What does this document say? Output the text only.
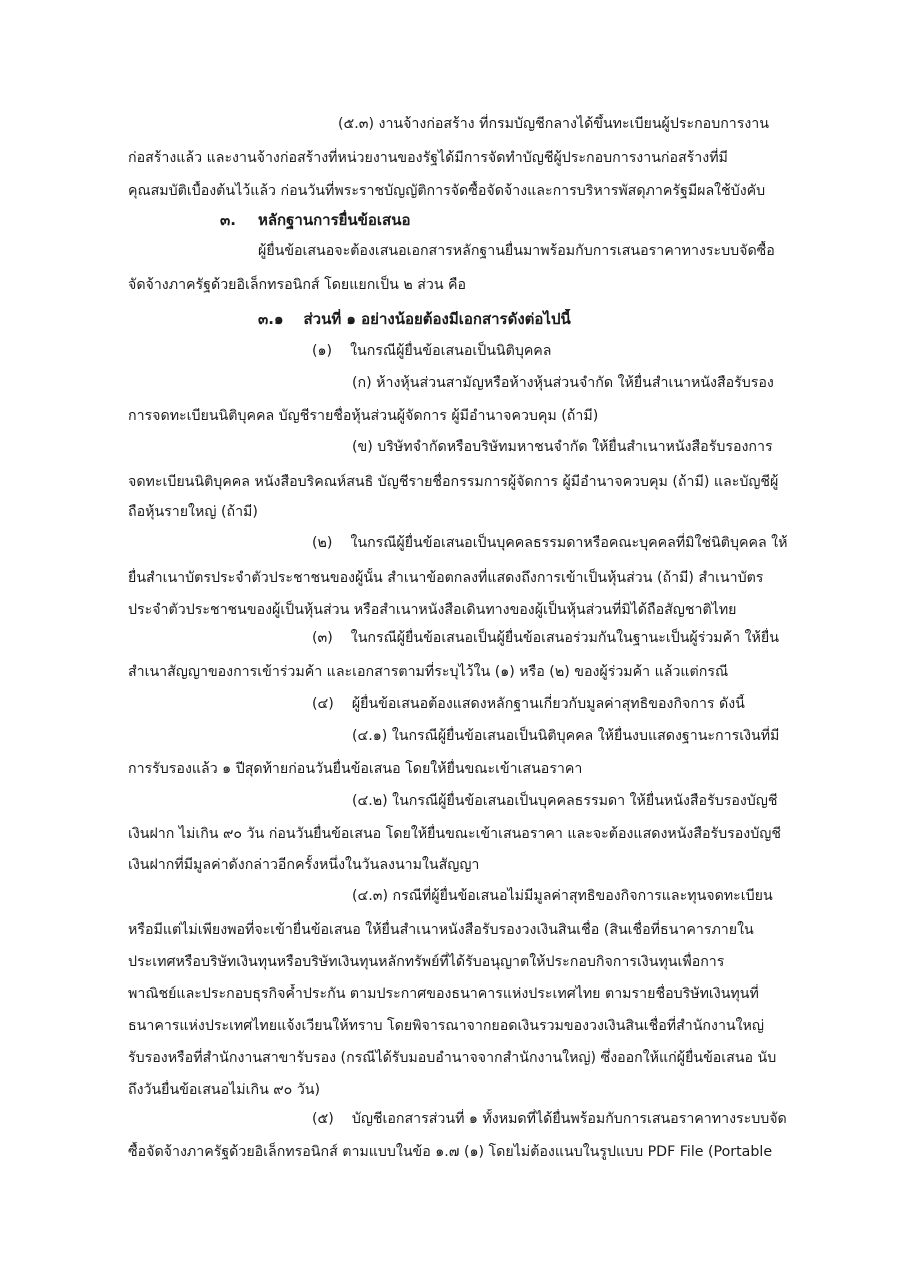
(๕.๓) งานจ้างก่อสร้าง ที่กรมบัญชีกลางได้ขึ้นทะเบียนผู้ประกอบการงาน
ก่อสร้างแล้ว และงานจ้างก่อสร้างที่หน่วยงานของรัฐได้มีการจัดทำบัญชีผู้ประกอบการงานก่อสร้างที่มี
คุณสมบัติเบื้องต้นไว้แล้ว ก่อนวันที่พระราชบัญญัติการจัดซื้อจัดจ้างและการบริหารพัสดุภาครัฐมีผลใช้บังคับ
๓. หลักฐานการยื่นข้อเสนอ
ผู้ยื่นข้อเสนอจะต้องเสนอเอกสารหลักฐานยื่นมาพร้อมกับการเสนอราคาทางระบบจัดซื้อ
จัดจ้างภาครัฐด้วยอิเล็กทรอนิกส์ โดยแยกเป็น ๒ ส่วน คือ
๓.๑ ส่วนที่ ๑ อย่างน้อยต้องมีเอกสารดังต่อไปนี้
(๑) ในกรณีผู้ยื่นข้อเสนอเป็นนิติบุคคล
(ก) ห้างหุ้นส่วนสามัญหรือห้างหุ้นส่วนจำกัด ให้ยื่นสำเนาหนังสือรับรอง
การจดทะเบียนนิติบุคคล บัญชีรายชื่อหุ้นส่วนผู้จัดการ ผู้มีอำนาจควบคุม (ถ้ามี)
(ข) บริษัทจำกัดหรือบริษัทมหาชนจำกัด ให้ยื่นสำเนาหนังสือรับรองการ
จดทะเบียนนิติบุคคล หนังสือบริคณห์สนธิ บัญชีรายชื่อกรรมการผู้จัดการ ผู้มีอำนาจควบคุม (ถ้ามี) และบัญชีผู้
ถือหุ้นรายใหญ่ (ถ้ามี)
(๒) ในกรณีผู้ยื่นข้อเสนอเป็นบุคคลธรรมดาหรือคณะบุคคลที่มิใช่นิติบุคคล ให้
ยื่นสำเนาบัตรประจำตัวประชาชนของผู้นั้น สำเนาข้อตกลงที่แสดงถึงการเข้าเป็นหุ้นส่วน (ถ้ามี) สำเนาบัตร
ประจำตัวประชาชนของผู้เป็นหุ้นส่วน หรือสำเนาหนังสือเดินทางของผู้เป็นหุ้นส่วนที่มิได้ถือสัญชาติไทย
(๓) ในกรณีผู้ยื่นข้อเสนอเป็นผู้ยื่นข้อเสนอร่วมกันในฐานะเป็นผู้ร่วมค้า ให้ยื่น
สำเนาสัญญาของการเข้าร่วมค้า และเอกสารตามที่ระบุไว้ใน (๑) หรือ (๒) ของผู้ร่วมค้า แล้วแต่กรณี
(๔) ผู้ยื่นข้อเสนอต้องแสดงหลักฐานเกี่ยวกับมูลค่าสุทธิของกิจการ ดังนี้
(๔.๑) ในกรณีผู้ยื่นข้อเสนอเป็นนิติบุคคล ให้ยื่นงบแสดงฐานะการเงินที่มี
การรับรองแล้ว ๑ ปีสุดท้ายก่อนวันยื่นข้อเสนอ โดยให้ยื่นขณะเข้าเสนอราคา
(๔.๒) ในกรณีผู้ยื่นข้อเสนอเป็นบุคคลธรรมดา ให้ยื่นหนังสือรับรองบัญชี
เงินฝาก ไม่เกิน ๙๐ วัน ก่อนวันยื่นข้อเสนอ โดยให้ยื่นขณะเข้าเสนอราคา และจะต้องแสดงหนังสือรับรองบัญชี
เงินฝากที่มีมูลค่าดังกล่าวอีกครั้งหนึ่งในวันลงนามในสัญญา
(๔.๓) กรณีที่ผู้ยื่นข้อเสนอไม่มีมูลค่าสุทธิของกิจการและทุนจดทะเบียน
หรือมีแต่ไม่เพียงพอที่จะเข้ายื่นข้อเสนอ ให้ยื่นสำเนาหนังสือรับรองวงเงินสินเชื่อ (สินเชื่อที่ธนาคารภายใน
ประเทศหรือบริษัทเงินทุนหรือบริษัทเงินทุนหลักทรัพย์ที่ได้รับอนุญาตให้ประกอบกิจการเงินทุนเพื่อการ
พาณิชย์และประกอบธุรกิจค้ำประกัน ตามประกาศของธนาคารแห่งประเทศไทย ตามรายชื่อบริษัทเงินทุนที่
ธนาคารแห่งประเทศไทยแจ้งเวียนให้ทราบ โดยพิจารณาจากยอดเงินรวมของวงเงินสินเชื่อที่สำนักงานใหญ่
รับรองหรือที่สำนักงานสาขารับรอง (กรณีได้รับมอบอำนาจจากสำนักงานใหญ่) ซึ่งออกให้แก่ผู้ยื่นข้อเสนอ นับ
ถึงวันยื่นข้อเสนอไม่เกิน ๙๐ วัน)
(๕) บัญชีเอกสารส่วนที่ ๑ ทั้งหมดที่ได้ยื่นพร้อมกับการเสนอราคาทางระบบจัด
ซื้อจัดจ้างภาครัฐด้วยอิเล็กทรอนิกส์ ตามแบบในข้อ ๑.๗ (๑) โดยไม่ต้องแนบในรูปแบบ PDF File (Portable
